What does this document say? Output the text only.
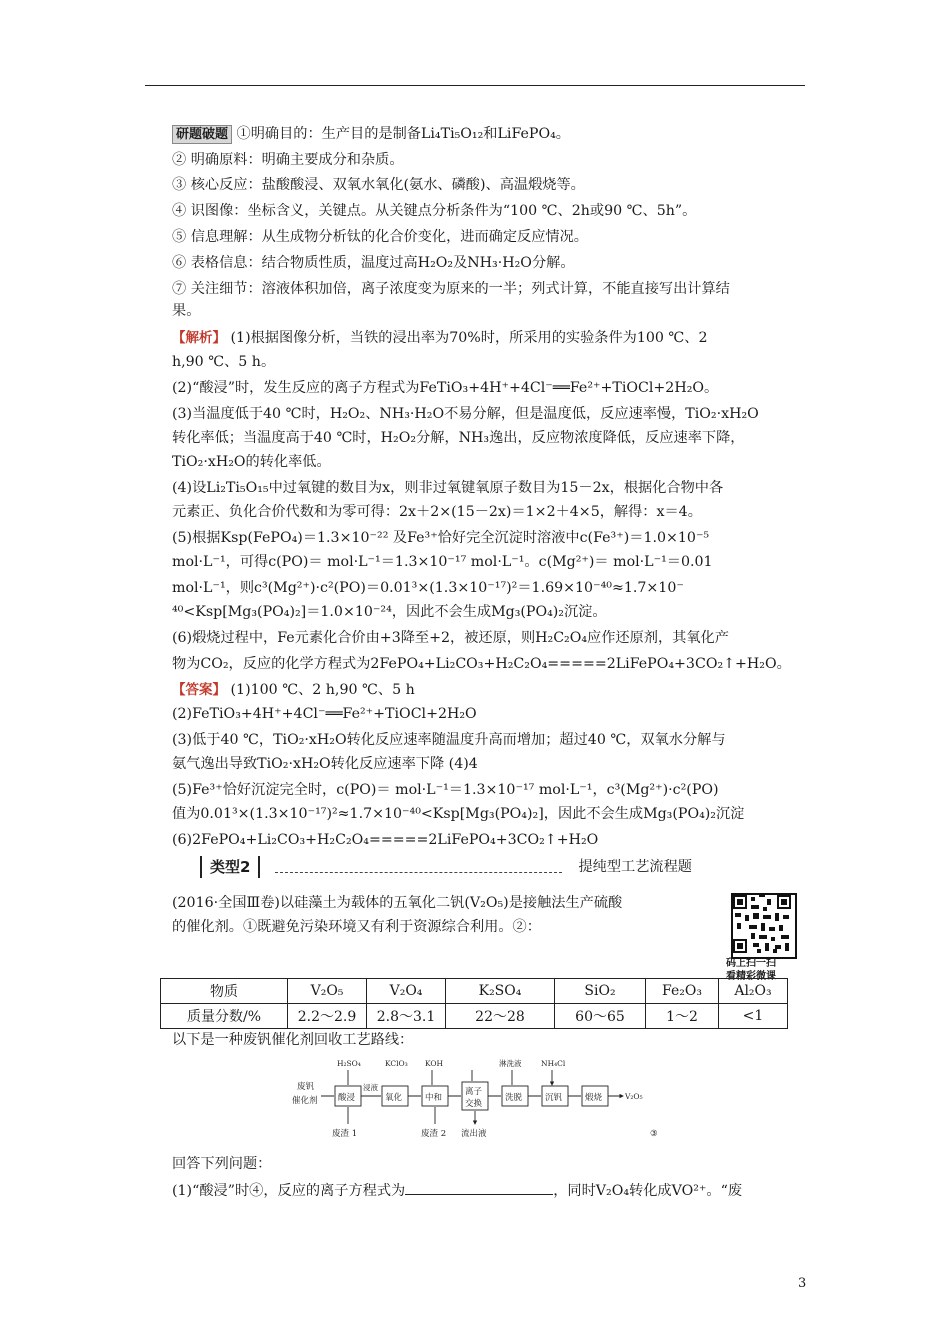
研题破题 ①明确目的：生产目的是制备Li₄Ti₅O₁₂和LiFePO₄。
② 明确原料：明确主要成分和杂质。
③ 核心反应：盐酸酸浸、双氧水氧化(氨水、磷酸)、高温煅烧等。
④ 识图像：坐标含义，关键点。从关键点分析条件为“100 ℃、2h或90 ℃、5h”。
⑤ 信息理解：从生成物分析钛的化合价变化，进而确定反应情况。
⑥ 表格信息：结合物质性质，温度过高H₂O₂及NH₃·H₂O分解。
⑦ 关注细节：溶液体积加倍，离子浓度变为原来的一半；列式计算，不能直接写出计算结
果。
【解析】 (1)根据图像分析，当铁的浸出率为70%时，所采用的实验条件为100 ℃、2
h,90 ℃、5 h。
(2)“酸浸”时，发生反应的离子方程式为FeTiO₃+4H⁺+4Cl⁻══Fe²⁺+TiOCl+2H₂O。
(3)当温度低于40 ℃时，H₂O₂、NH₃·H₂O不易分解，但是温度低，反应速率慢，TiO₂·xH₂O
转化率低；当温度高于40 ℃时，H₂O₂分解，NH₃逸出，反应物浓度降低，反应速率下降，
TiO₂·xH₂O的转化率低。
(4)设Li₂Ti₅O₁₅中过氧键的数目为x，则非过氧键氧原子数目为15－2x，根据化合物中各
元素正、负化合价代数和为零可得：2x＋2×(15－2x)＝1×2＋4×5，解得：x＝4。
(5)根据Ksp(FePO₄)＝1.3×10⁻²² 及Fe³⁺恰好完全沉淀时溶液中c(Fe³⁺)＝1.0×10⁻⁵
mol·L⁻¹，可得c(PO)＝ mol·L⁻¹＝1.3×10⁻¹⁷ mol·L⁻¹。c(Mg²⁺)＝ mol·L⁻¹＝0.01
mol·L⁻¹，则c³(Mg²⁺)·c²(PO)＝0.01³×(1.3×10⁻¹⁷)²＝1.69×10⁻⁴⁰≈1.7×10⁻
⁴⁰<Ksp[Mg₃(PO₄)₂]＝1.0×10⁻²⁴，因此不会生成Mg₃(PO₄)₂沉淀。
(6)煅烧过程中，Fe元素化合价由+3降至+2，被还原，则H₂C₂O₄应作还原剂，其氧化产
物为CO₂，反应的化学方程式为2FePO₄+Li₂CO₃+H₂C₂O₄=====2LiFePO₄+3CO₂↑+H₂O。
【答案】 (1)100 ℃、2 h,90 ℃、5 h
(2)FeTiO₃+4H⁺+4Cl⁻══Fe²⁺+TiOCl+2H₂O
(3)低于40 ℃，TiO₂·xH₂O转化反应速率随温度升高而增加；超过40 ℃，双氧水分解与
氨气逸出导致TiO₂·xH₂O转化反应速率下降 (4)4
(5)Fe³⁺恰好沉淀完全时，c(PO)＝ mol·L⁻¹＝1.3×10⁻¹⁷ mol·L⁻¹，c³(Mg²⁺)·c²(PO)
值为0.01³×(1.3×10⁻¹⁷)²≈1.7×10⁻⁴⁰<Ksp[Mg₃(PO₄)₂]，因此不会生成Mg₃(PO₄)₂沉淀
(6)2FePO₄+Li₂CO₃+H₂C₂O₄=====2LiFePO₄+3CO₂↑+H₂O
类型2	提纯型工艺流程题
(2016·全国Ⅲ卷)以硅藻土为载体的五氧化二钒(V₂O₅)是接触法生产硫酸
的催化剂。①既避免污染环境又有利于资源综合利用。②：
码上扫一扫
看精彩微课
物质	V₂O₅	V₂O₄	K₂SO₄	SiO₂	Fe₂O₃	Al₂O₃
质量分数/%	2.2～2.9	2.8～3.1	22～28	60～65	1～2	<1
以下是一种废钒催化剂回收工艺路线：
废钒
催化剂 酸浸	氧化	中和
离子
交换
洗脱	沉钒	煅烧
H₂SO₄
浸液
KClO₃ KOH	淋洗液	NH₄Cl
废渣 1	废渣 2 流出液
V₂O₅
③
回答下列问题：
(1)“酸浸”时④，反应的离子方程式为	，同时V₂O₄转化成VO²⁺。“废
3
